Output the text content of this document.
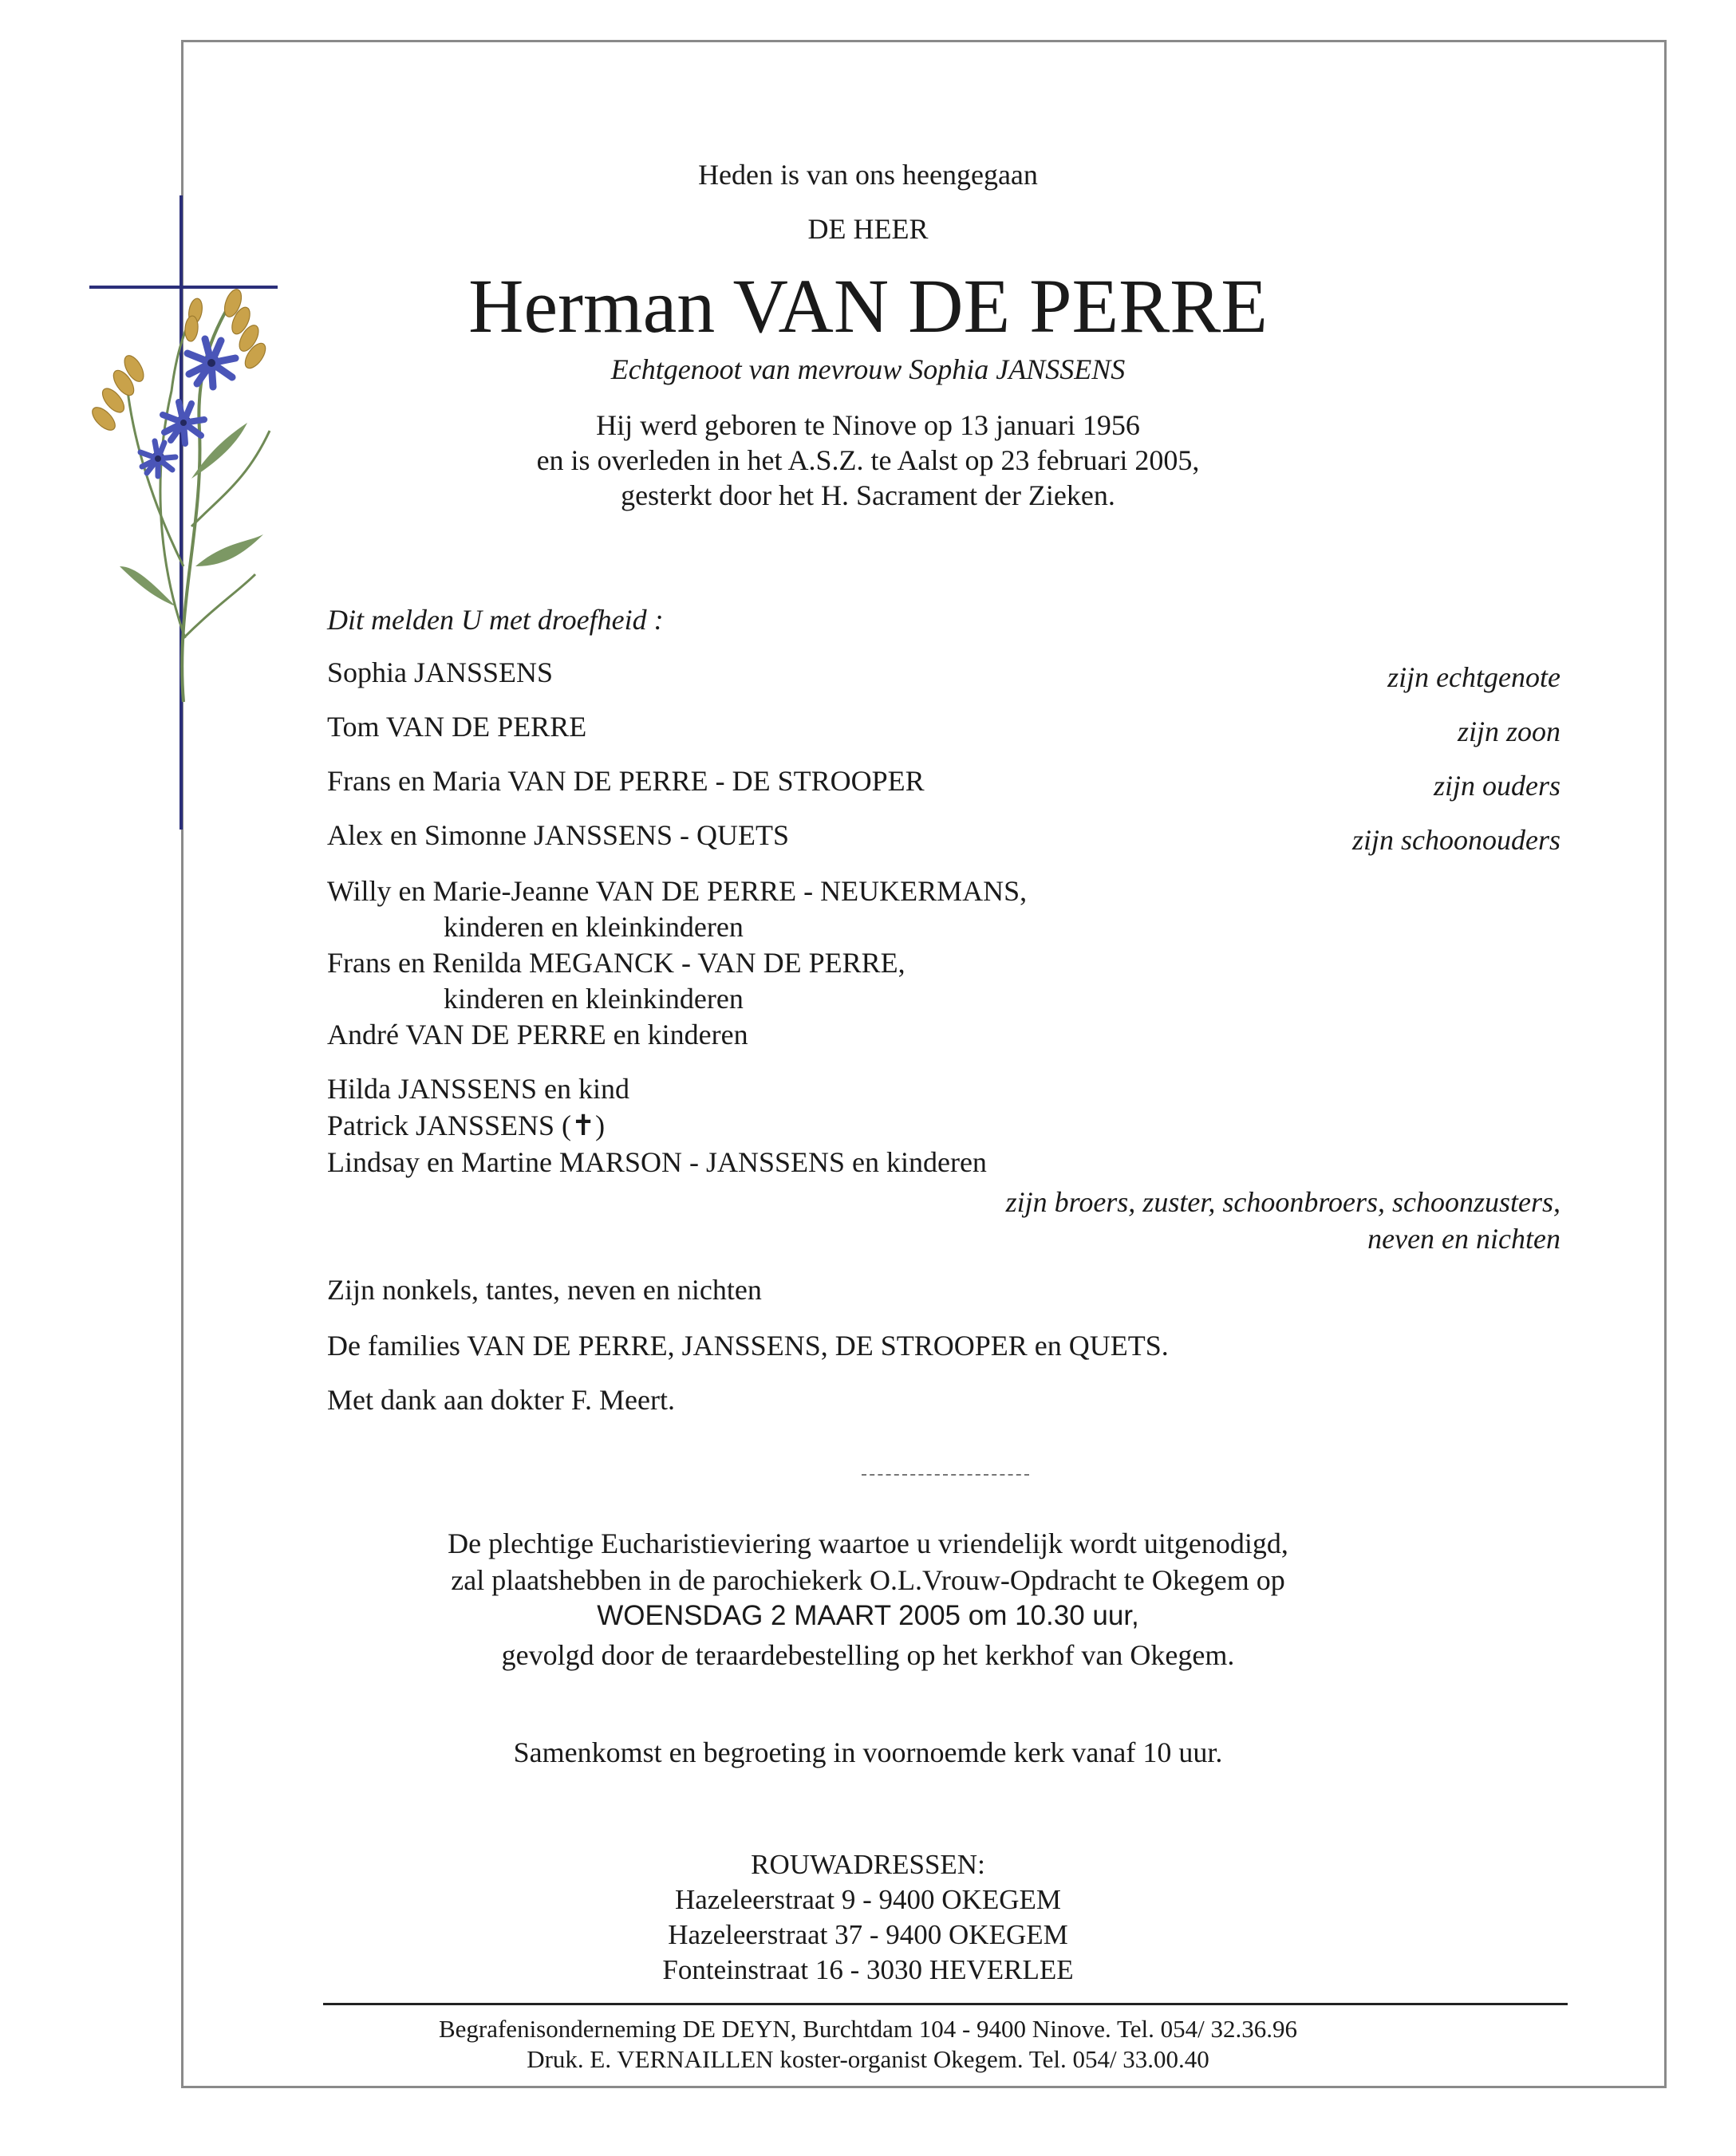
Heden is van ons heengegaan
DE HEER
Herman VAN DE PERRE
Echtgenoot van mevrouw Sophia JANSSENS
Hij werd geboren te Ninove op 13 januari 1956
en is overleden in het A.S.Z. te Aalst op 23 februari 2005,
gesterkt door het H. Sacrament der Zieken.
Dit melden U met droefheid :
Sophia JANSSENS	zijn echtgenote
Tom VAN DE PERRE	zijn zoon
Frans en Maria VAN DE PERRE - DE STROOPER	zijn ouders
Alex en Simonne JANSSENS - QUETS	zijn schoonouders
Willy en Marie-Jeanne VAN DE PERRE - NEUKERMANS,
kinderen en kleinkinderen
Frans en Renilda MEGANCK - VAN DE PERRE,
kinderen en kleinkinderen
André VAN DE PERRE en kinderen
Hilda JANSSENS en kind
Patrick JANSSENS (✝)
Lindsay en Martine MARSON - JANSSENS en kinderen
zijn broers, zuster, schoonbroers, schoonzusters,
neven en nichten
Zijn nonkels, tantes, neven en nichten
De families VAN DE PERRE, JANSSENS, DE STROOPER en QUETS.
Met dank aan dokter F. Meert.
De plechtige Eucharistieviering waartoe u vriendelijk wordt uitgenodigd,
zal plaatshebben in de parochiekerk O.L.Vrouw-Opdracht te Okegem op
WOENSDAG 2 MAART 2005 om 10.30 uur,
gevolgd door de teraardebestelling op het kerkhof van Okegem.
Samenkomst en begroeting in voornoemde kerk vanaf 10 uur.
ROUWADRESSEN:
Hazeleerstraat 9 - 9400 OKEGEM
Hazeleerstraat 37 - 9400 OKEGEM
Fonteinstraat 16 - 3030 HEVERLEE
Begrafenisonderneming DE DEYN, Burchtdam 104 - 9400 Ninove. Tel. 054/ 32.36.96
Druk. E. VERNAILLEN koster-organist Okegem. Tel. 054/ 33.00.40
